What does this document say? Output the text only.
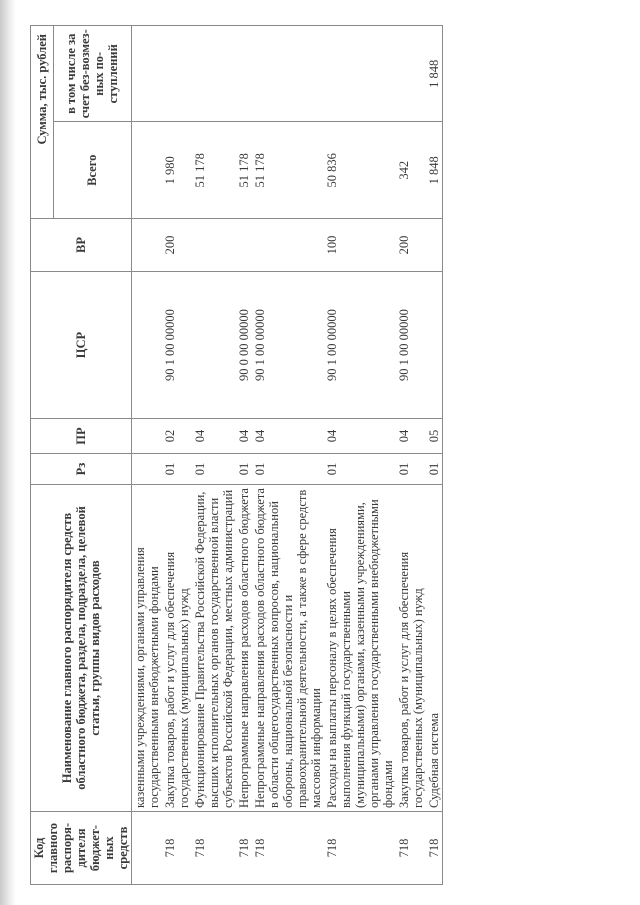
Код главного распоря-дителя бюджет-ных средств	Наименование главного распорядителя средств областного бюджета, раздела, подраздела, целевой статьи, группы видов расходов	Рз	ПР	ЦСР	ВР	Сумма, тыс. рублей	
						Всего	в том числе за счет без-возмез-ных по-ступлений
	казенными учреждениями, органами управления государственными внебюджетными фондами						
718	Закупка товаров, работ и услуг для обеспечения государственных (муниципальных) нужд	01	02	90 1 00 00000	200	1 980	
718	Функционирование Правительства Российской Федерации, высших исполнительных органов государственной власти субъектов Российской Федерации, местных администраций	01	04			51 178	
718	Непрограммные направления расходов областного бюджета	01	04	90 0 00 00000		51 178	
718	Непрограммные направления расходов областного бюджета в области общегосударственных вопросов, национальной обороны, национальной безопасности и правоохранительной деятельности, а также в сфере средств массовой информации	01	04	90 1 00 00000		51 178	
718	Расходы на выплаты персоналу в целях обеспечения выполнения функций государственными (муниципальными) органами, казенными учреждениями, органами управления государственными внебюджетными фондами	01	04	90 1 00 00000	100	50 836	
718	Закупка товаров, работ и услуг для обеспечения государственных (муниципальных) нужд	01	04	90 1 00 00000	200	342	
718	Судебная система	01	05			1 848	1 848
